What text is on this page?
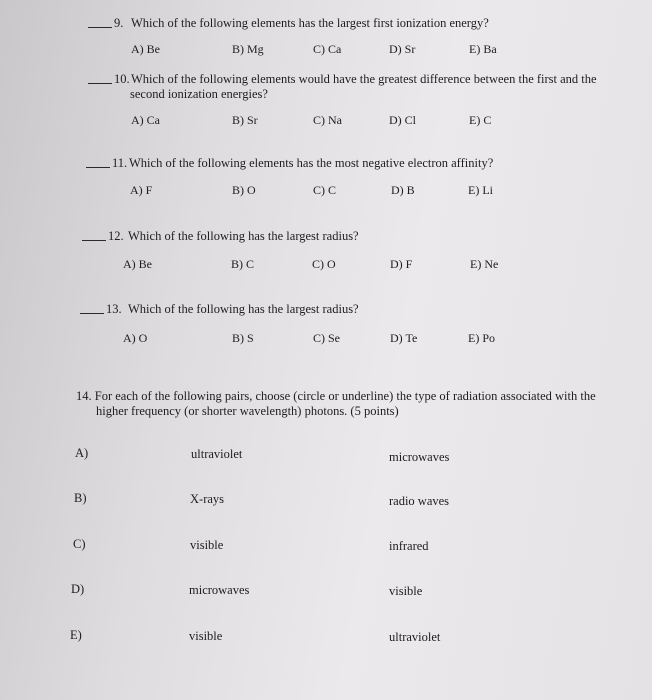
9. Which of the following elements has the largest first ionization energy?
A) Be	B) Mg	C) Ca	D) Sr	E) Ba
10. Which of the following elements would have the greatest difference between the first and the
second ionization energies?
A) Ca	B) Sr	C) Na	D) Cl	E) C
11. Which of the following elements has the most negative electron affinity?
A) F	B) O	C) C	D) B	E) Li
12. Which of the following has the largest radius?
A) Be	B) C	C) O	D) F	E) Ne
13. Which of the following has the largest radius?
A) O	B) S	C) Se	D) Te	E) Po
14. For each of the following pairs, choose (circle or underline) the type of radiation associated with the
higher frequency (or shorter wavelength) photons. (5 points)
A)	ultraviolet	microwaves
B)	X-rays	radio waves
C)	visible	infrared
D)	microwaves	visible
E)	visible	ultraviolet
